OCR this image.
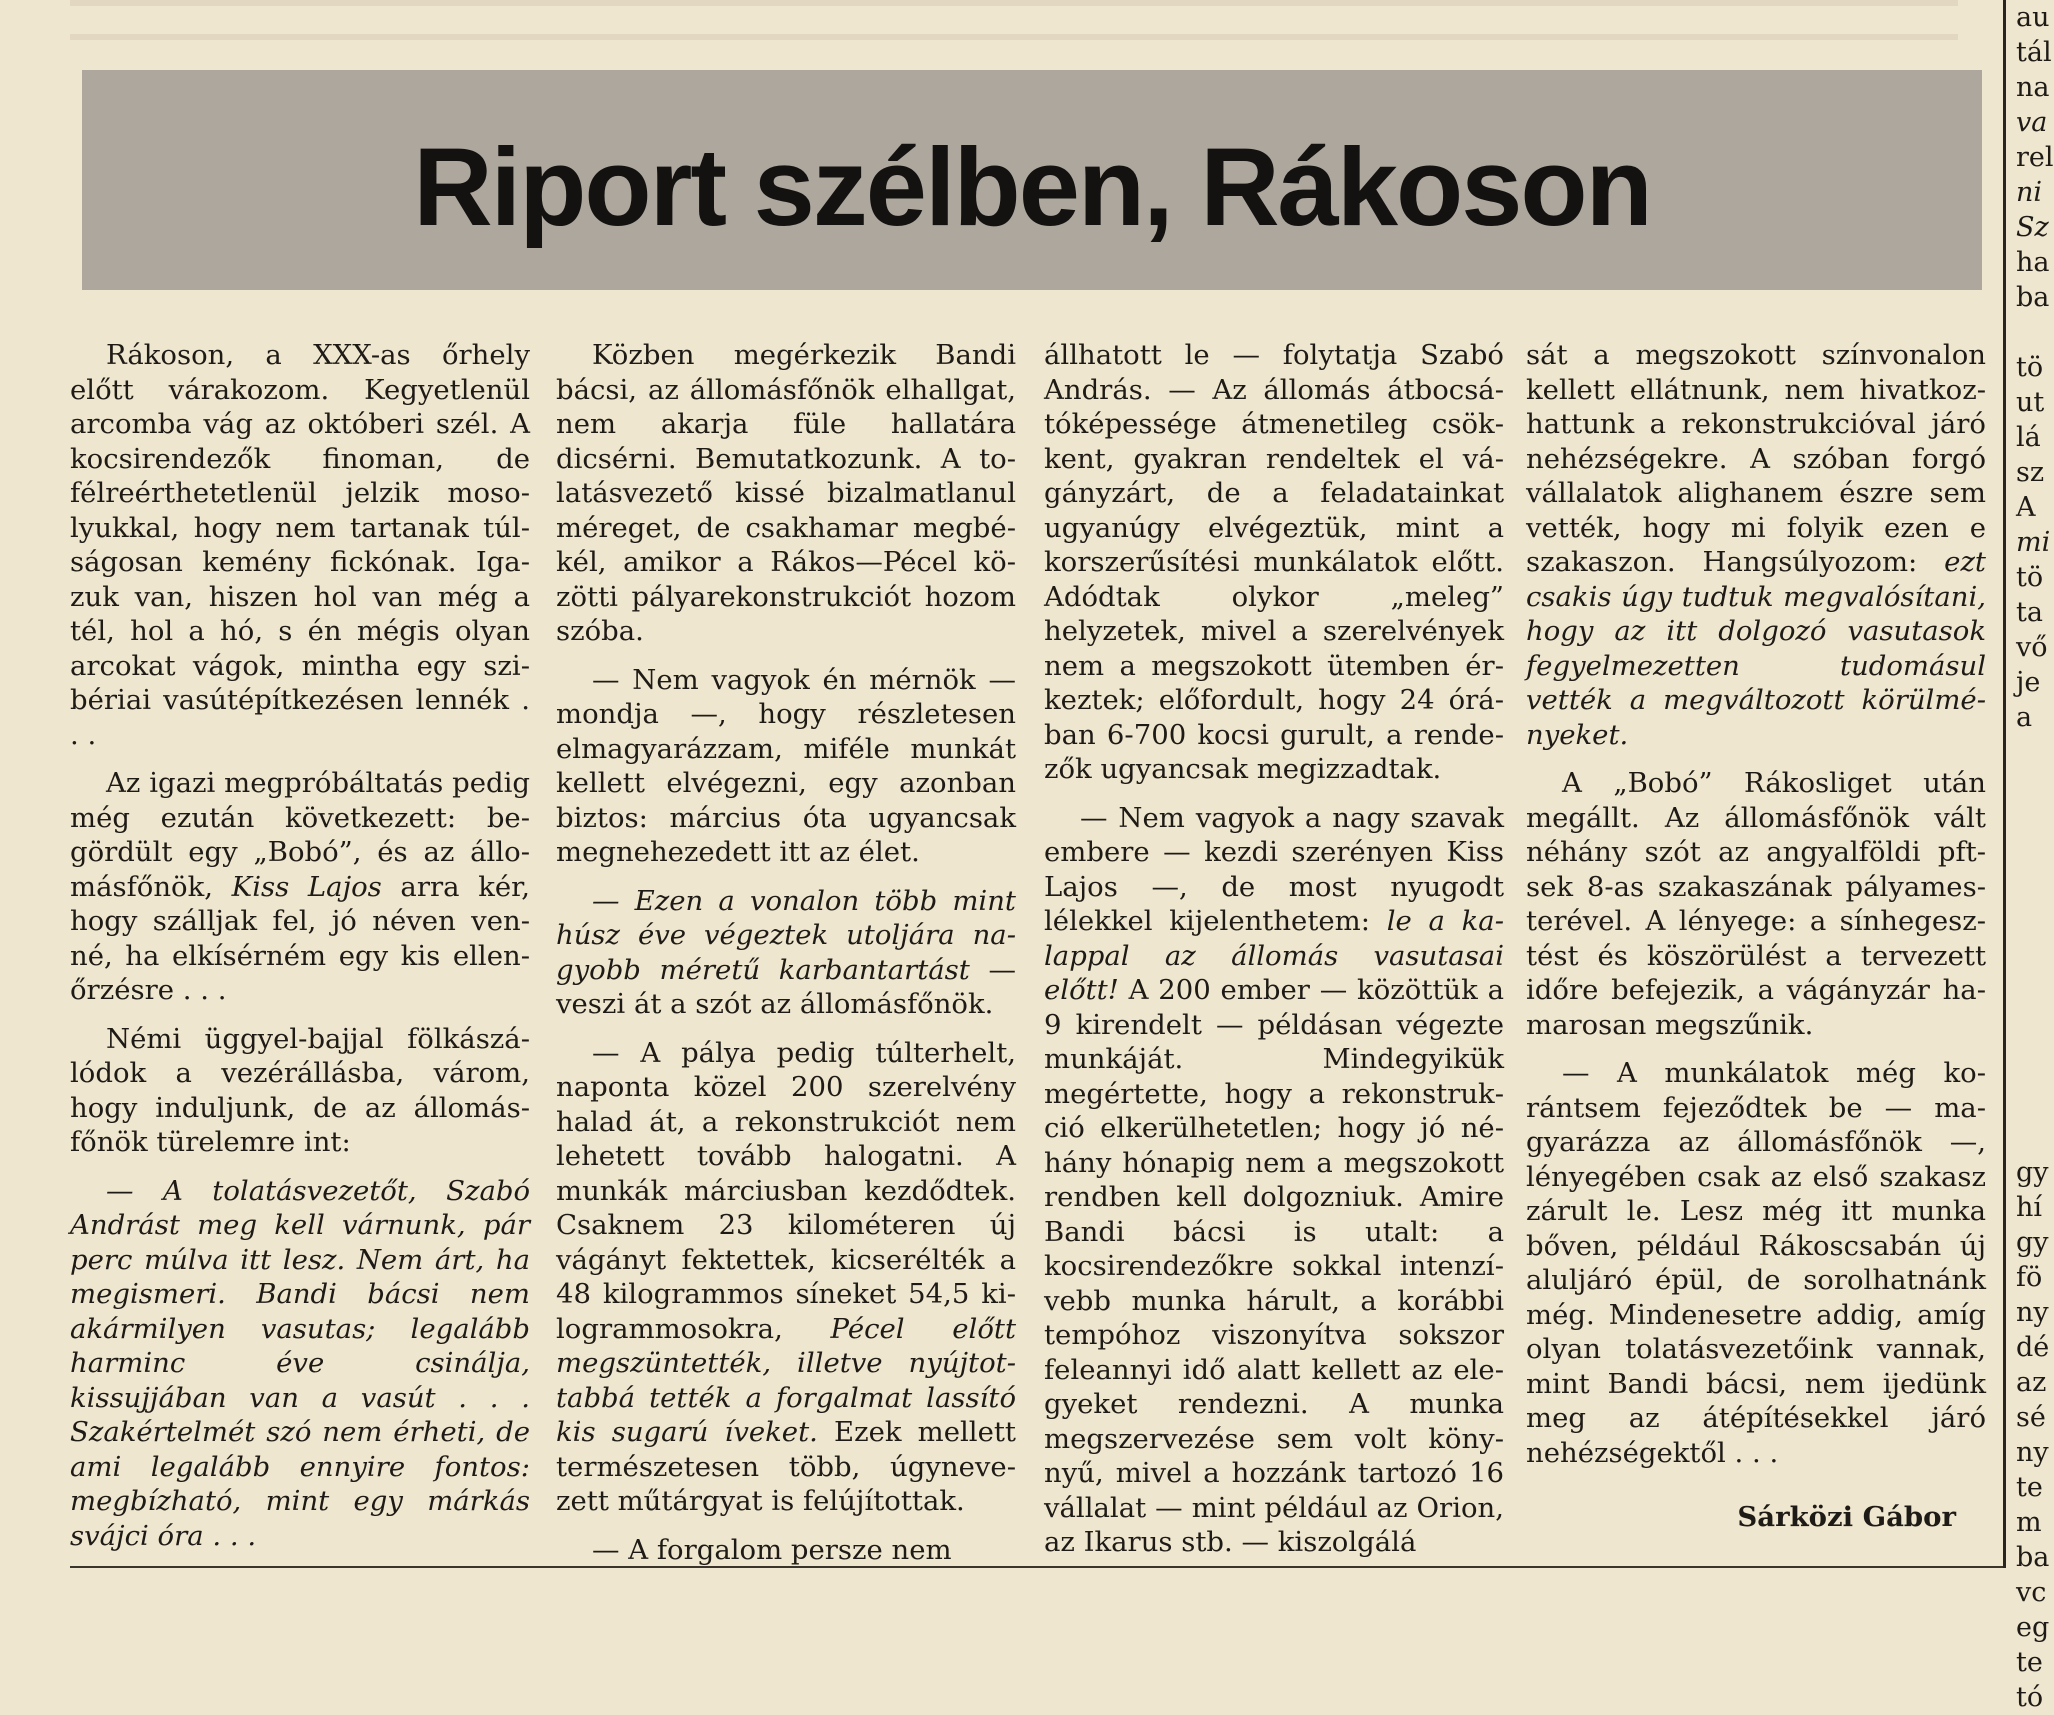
Riport szélben, Rákoson

Rákoson, a XXX-as őrhely előtt várakozom. Kegyetlenül arcomba vág az októberi szél. A kocsirendezők finoman, de félreérthetetlenül jelzik mosolyukkal, hogy nem tartanak túlságosan kemény fickónak. Igazuk van, hiszen hol van még a tél, hol a hó, s én mégis olyan arcokat vágok, mintha egy szibériai vasútépítkezésen lennék . . .

Az igazi megpróbáltatás pedig még ezután következett: begördült egy „Bobó”, és az állomásfőnök, Kiss Lajos arra kér, hogy szálljak fel, jó néven venné, ha elkísérném egy kis ellenőrzésre . . .

Némi üggyel-bajjal fölkászálódok a vezérállásba, várom, hogy induljunk, de az állomásfőnök türelemre int:

— A tolatásvezetőt, Szabó Andrást meg kell várnunk, pár perc múlva itt lesz. Nem árt, ha megismeri. Bandi bácsi nem akármilyen vasutas; legalább harminc éve csinálja, kissujjában van a vasút . . . Szakértelmét szó nem érheti, de ami legalább ennyire fontos: megbízható, mint egy márkás svájci óra . . .

Közben megérkezik Bandi bácsi, az állomásfőnök elhallgat, nem akarja füle hallatára dicsérni. Bemutatkozunk. A tolatásvezető kissé bizalmatlanul méreget, de csakhamar megbékél, amikor a Rákos—Pécel közötti pályarekonstrukciót hozom szóba.

— Nem vagyok én mérnök — mondja —, hogy részletesen elmagyarázzam, miféle munkát kellett elvégezni, egy azonban biztos: március óta ugyancsak megnehezedett itt az élet.

— Ezen a vonalon több mint húsz éve végeztek utoljára nagyobb méretű karbantartást — veszi át a szót az állomásfőnök.

— A pálya pedig túlterhelt, naponta közel 200 szerelvény halad át, a rekonstrukciót nem lehetett tovább halogatni. A munkák márciusban kezdődtek. Csaknem 23 kilométeren új vágányt fektettek, kicserélték a 48 kilogrammos síneket 54,5 kilogrammosokra, Pécel előtt megszüntették, illetve nyújtottabbá tették a forgalmat lassító kis sugarú íveket. Ezek mellett természetesen több, úgynevezett műtárgyat is felújítottak.

— A forgalom persze nem

állhatott le — folytatja Szabó András. — Az állomás átbocsátóképessége átmenetileg csökkent, gyakran rendeltek el vágányzárt, de a feladatainkat ugyanúgy elvégeztük, mint a korszerűsítési munkálatok előtt. Adódtak olykor „meleg” helyzetek, mivel a szerelvények nem a megszokott ütemben érkeztek; előfordult, hogy 24 órában 6-700 kocsi gurult, a rendezők ugyancsak megizzadtak.

— Nem vagyok a nagy szavak embere — kezdi szerényen Kiss Lajos —, de most nyugodt lélekkel kijelenthetem: le a kalappal az állomás vasutasai előtt! A 200 ember — közöttük a 9 kirendelt — példásan végezte munkáját. Mindegyikük megértette, hogy a rekonstrukció elkerülhetetlen; hogy jó néhány hónapig nem a megszokott rendben kell dolgozniuk. Amire Bandi bácsi is utalt: a kocsirendezőkre sokkal intenzívebb munka hárult, a korábbi tempóhoz viszonyítva sokszor feleannyi idő alatt kellett az elegyeket rendezni. A munka megszervezése sem volt könynyű, mivel a hozzánk tartozó 16 vállalat — mint például az Orion, az Ikarus stb. — kiszolgálá

sát a megszokott színvonalon kellett ellátnunk, nem hivatkozhattunk a rekonstrukcióval járó nehézségekre. A szóban forgó vállalatok alighanem észre sem vették, hogy mi folyik ezen e szakaszon. Hangsúlyozom: ezt csakis úgy tudtuk megvalósítani, hogy az itt dolgozó vasutasok fegyelmezetten tudomásul vették a megváltozott körülményeket.

A „Bobó” Rákosliget után megállt. Az állomásfőnök vált néhány szót az angyalföldi pftsek 8-as szakaszának pályamesterével. A lényege: a sínhegesztést és köszörülést a tervezett időre befejezik, a vágányzár hamarosan megszűnik.

— A munkálatok még korántsem fejeződtek be — magyarázza az állomásfőnök —, lényegében csak az első szakasz zárult le. Lesz még itt munka bőven, például Rákoscsabán új aluljáró épül, de sorolhatnánk még. Mindenesetre addig, amíg olyan tolatásvezetőink vannak, mint Bandi bácsi, nem ijedünk meg az átépítésekkel járó nehézségektől . . .

Sárközi Gábor
au
tál
na
va
rel
ni
Sz
ha
ba
tö
ut
lá
sz
A
mi
tö
ta
vő
je
a
gy
hí
gy
fö
ny
dé
az
sé
ny
te
m
ba
vc
eg
te
tó
